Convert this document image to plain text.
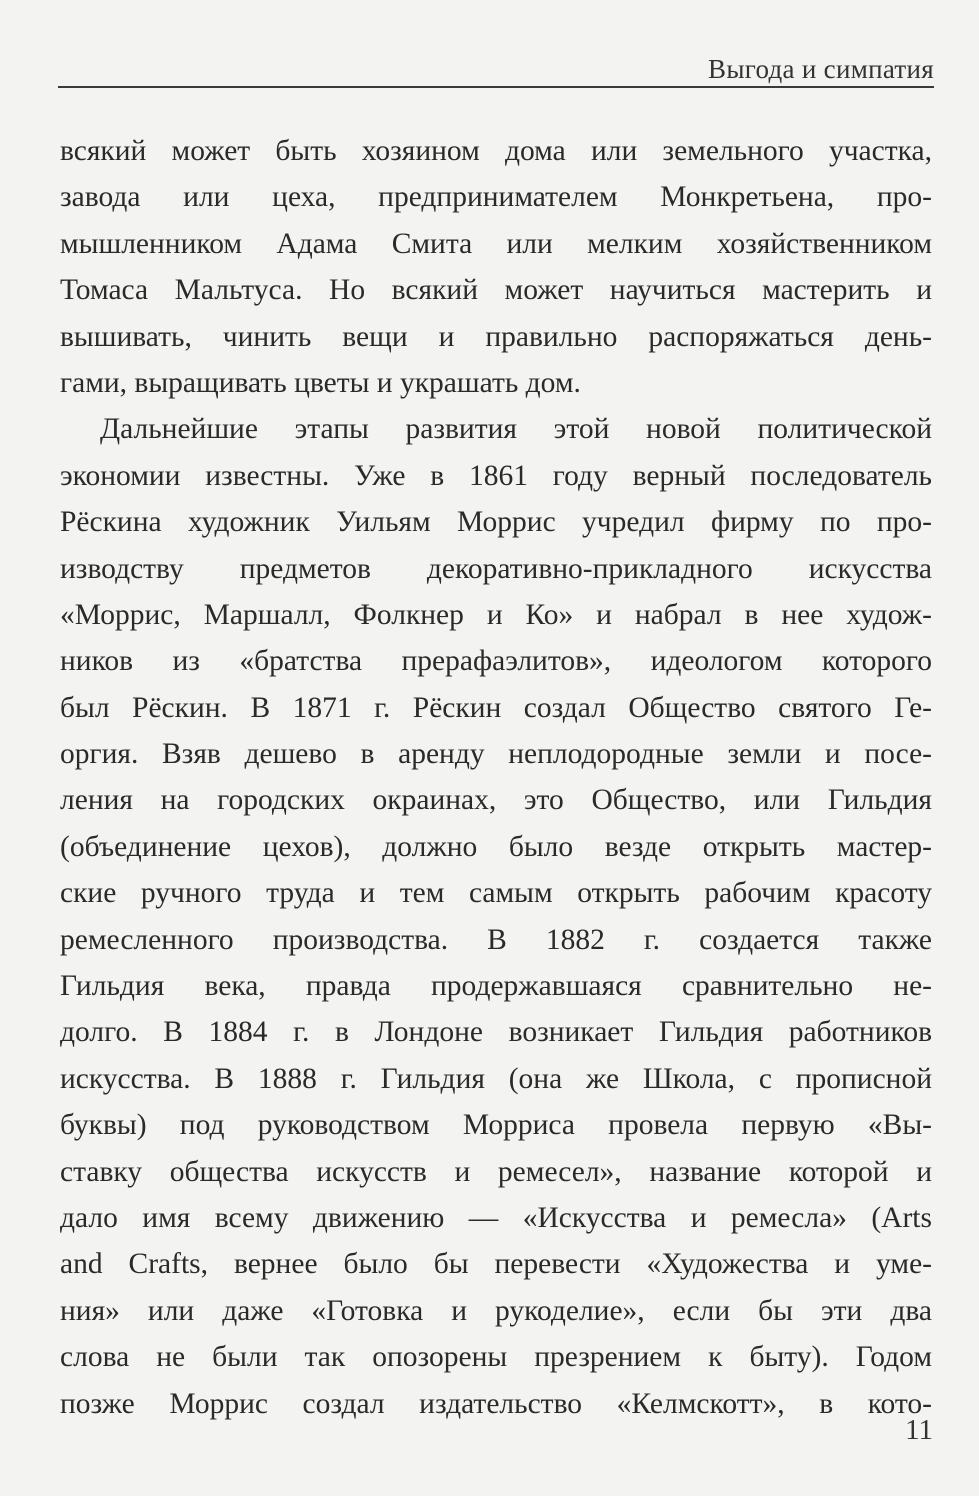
Выгода и симпатия
всякий может быть хозяином дома или земельного участка,
завода или цеха, предпринимателем Монкретьена, про-
мышленником Адама Смита или мелким хозяйственником
Томаса Мальтуса. Но всякий может научиться мастерить и
вышивать, чинить вещи и правильно распоряжаться день-
гами, выращивать цветы и украшать дом.
Дальнейшие этапы развития этой новой политической
экономии известны. Уже в 1861 году верный последователь
Рёскина художник Уильям Моррис учредил фирму по про-
изводству предметов декоративно-прикладного искусства
«Моррис, Маршалл, Фолкнер и Ко» и набрал в нее худож-
ников из «братства прерафаэлитов», идеологом которого
был Рёскин. В 1871 г. Рёскин создал Общество святого Ге-
оргия. Взяв дешево в аренду неплодородные земли и посе-
ления на городских окраинах, это Общество, или Гильдия
(объединение цехов), должно было везде открыть мастер-
ские ручного труда и тем самым открыть рабочим красоту
ремесленного производства. В 1882 г. создается также
Гильдия века, правда продержавшаяся сравнительно не-
долго. В 1884 г. в Лондоне возникает Гильдия работников
искусства. В 1888 г. Гильдия (она же Школа, с прописной
буквы) под руководством Морриса провела первую «Вы-
ставку общества искусств и ремесел», название которой и
дало имя всему движению — «Искусства и ремесла» (Arts
and Crafts, вернее было бы перевести «Художества и уме-
ния» или даже «Готовка и рукоделие», если бы эти два
слова не были так опозорены презрением к быту). Годом
позже Моррис создал издательство «Келмскотт», в кото-
11
